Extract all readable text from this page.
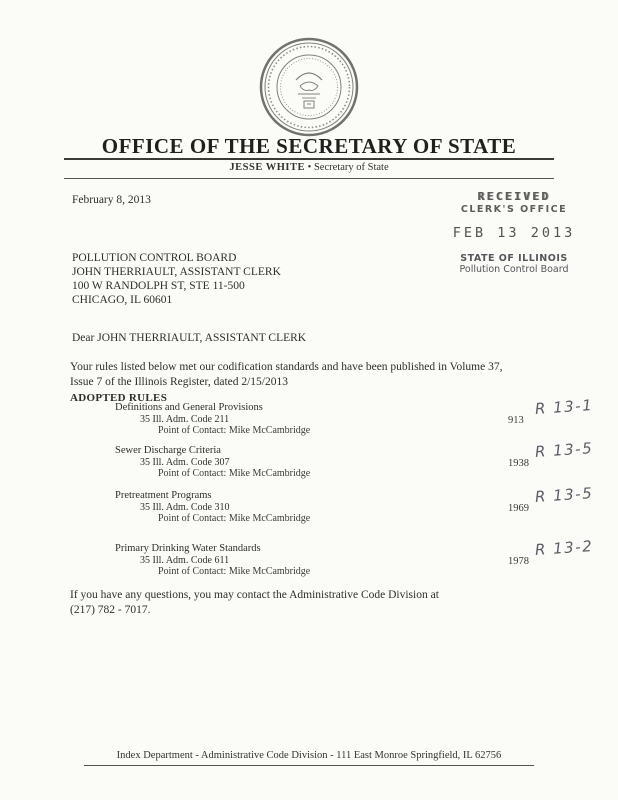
OFFICE OF THE SECRETARY OF STATE
JESSE WHITE • Secretary of State
February 8, 2013	RECEIVED
CLERK'S OFFICE
FEB 13 2013
STATE OF ILLINOIS
Pollution Control Board
POLLUTION CONTROL BOARD
JOHN THERRIAULT, ASSISTANT CLERK
100 W RANDOLPH ST, STE 11-500
CHICAGO, IL 60601
Dear JOHN THERRIAULT, ASSISTANT CLERK
Your rules listed below met our codification standards and have been published in Volume 37,
Issue 7 of the Illinois Register, dated 2/15/2013
ADOPTED RULES
Definitions and General Provisions
35 Ill. Adm. Code 211
Point of Contact: Mike McCambridge
913
R 13-1
Sewer Discharge Criteria
35 Ill. Adm. Code 307
Point of Contact: Mike McCambridge
1938
R 13-5
Pretreatment Programs
35 Ill. Adm. Code 310
Point of Contact: Mike McCambridge
1969
R 13-5
Primary Drinking Water Standards
35 Ill. Adm. Code 611
Point of Contact: Mike McCambridge
1978
R 13-2
If you have any questions, you may contact the Administrative Code Division at
(217) 782 - 7017.
Index Department - Administrative Code Division - 111 East Monroe Springfield, IL 62756
